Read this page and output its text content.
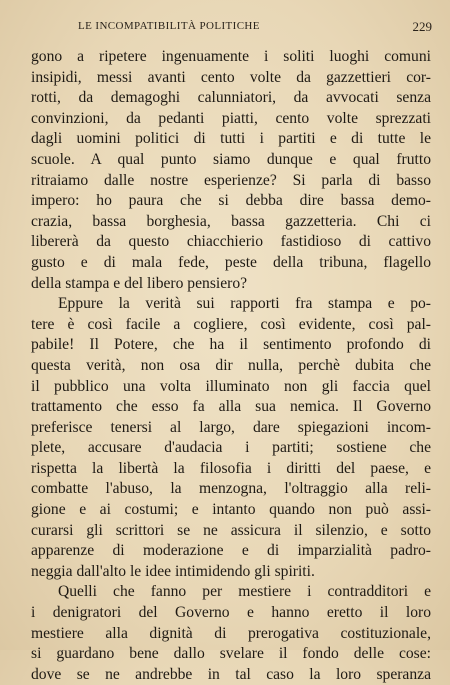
LE INCOMPATIBILITÀ POLITICHE	229
gono a ripetere ingenuamente i soliti luoghi comuni
insipidi, messi avanti cento volte da gazzettieri cor-
rotti, da demagoghi calunniatori, da avvocati senza
convinzioni, da pedanti piatti, cento volte sprezzati
dagli uomini politici di tutti i partiti e di tutte le
scuole. A qual punto siamo dunque e qual frutto
ritraiamo dalle nostre esperienze? Si parla di basso
impero: ho paura che si debba dire bassa demo-
crazia, bassa borghesia, bassa gazzetteria. Chi ci
libererà da questo chiacchierio fastidioso di cattivo
gusto e di mala fede, peste della tribuna, flagello
della stampa e del libero pensiero?
Eppure la verità sui rapporti fra stampa e po-
tere è così facile a cogliere, così evidente, così pal-
pabile! Il Potere, che ha il sentimento profondo di
questa verità, non osa dir nulla, perchè dubita che
il pubblico una volta illuminato non gli faccia quel
trattamento che esso fa alla sua nemica. Il Governo
preferisce tenersi al largo, dare spiegazioni incom-
plete, accusare d'audacia i partiti; sostiene che
rispetta la libertà la filosofia i diritti del paese, e
combatte l'abuso, la menzogna, l'oltraggio alla reli-
gione e ai costumi; e intanto quando non può assi-
curarsi gli scrittori se ne assicura il silenzio, e sotto
apparenze di moderazione e di imparzialità padro-
neggia dall'alto le idee intimidendo gli spiriti.
Quelli che fanno per mestiere i contradditori e
i denigratori del Governo e hanno eretto il loro
mestiere alla dignità di prerogativa costituzionale,
si guardano bene dallo svelare il fondo delle cose:
dove se ne andrebbe in tal caso la loro speranza
